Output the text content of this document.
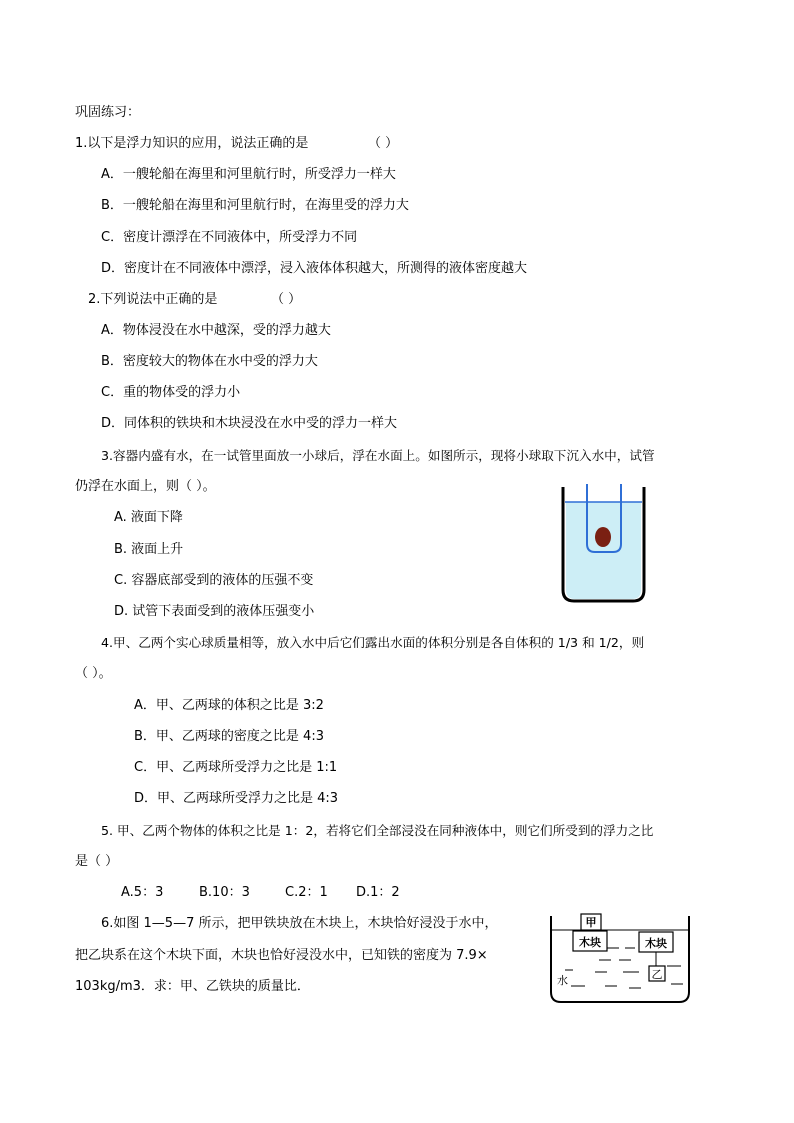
巩固练习：
1.以下是浮力知识的应用，说法正确的是	（ ）
A．一艘轮船在海里和河里航行时，所受浮力一样大
B．一艘轮船在海里和河里航行时，在海里受的浮力大
C．密度计漂浮在不同液体中，所受浮力不同
D．密度计在不同液体中漂浮，浸入液体体积越大，所测得的液体密度越大
2.下列说法中正确的是	（ ）
A．物体浸没在水中越深，受的浮力越大
B．密度较大的物体在水中受的浮力大
C．重的物体受的浮力小
D．同体积的铁块和木块浸没在水中受的浮力一样大
3.容器内盛有水，在一试管里面放一小球后，浮在水面上。如图所示，现将小球取下沉入水中，试管
仍浮在水面上，则（ ）。
A. 液面下降
B. 液面上升
C. 容器底部受到的液体的压强不变
D. 试管下表面受到的液体压强变小
4.甲、乙两个实心球质量相等，放入水中后它们露出水面的体积分别是各自体积的 1/3 和 1/2，则
（ ）。
A．甲、乙两球的体积之比是 3:2
B．甲、乙两球的密度之比是 4:3
C．甲、乙两球所受浮力之比是 1:1
D．甲、乙两球所受浮力之比是 4:3
5. 甲、乙两个物体的体积之比是 1：2，若将它们全部浸没在同种液体中，则它们所受到的浮力之比
是（ ）
A.5：3	B.10：3	C.2：1 D.1：2
6.如图 1—5—7 所示，把甲铁块放在木块上，木块恰好浸没于水中，
把乙块系在这个木块下面，木块也恰好浸没水中，已知铁的密度为 7.9×
103kg/m3．求：甲、乙铁块的质量比．
甲
木块	木块
乙
水
